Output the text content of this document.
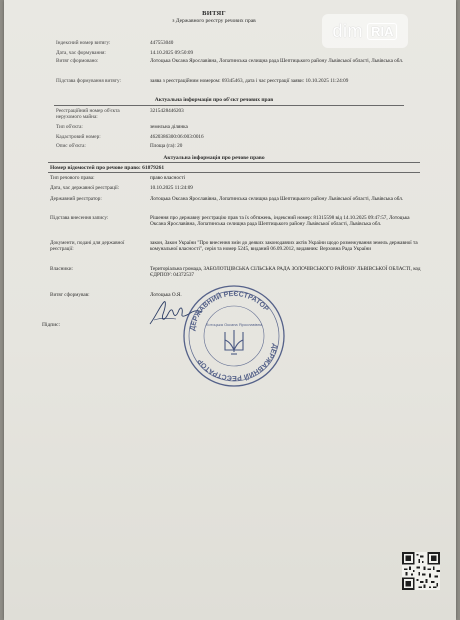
dim RIA
ВИТЯГ
з Державного реєстру речових прав
Індексний номер витягу:	447553040
Дата, час формування:	14.10.2025 09:50:09
Витяг сформовано:	Лотоцька Оксана Ярославівна, Лопатинська селищна рада Шептицького району Львівської області, Львівська обл.
Підстава формування витягу:	заява з реєстраційним номером: 69345463, дата і час реєстрації заяви: 10.10.2025 11:24:09
Актуальна інформація про об'єкт речових прав
Реєстраційний номер об'єкта нерухомого майна:
3215428446203
Тип об'єкта:	земельна ділянка
Кадастровий номер:	4620386300:06:003:0016
Опис об'єкта:	Площа (га): 20
Актуальна інформація про речове право
Номер відомостей про речове право: 61879261
Тип речового права:	право власності
Дата, час державної реєстрації:	10.10.2025 11:24:09
Державний реєстратор:	Лотоцька Оксана Ярославівна, Лопатинська селищна рада Шептицького району Львівської області, Львівська обл.
Підстава внесення запису:	Рішення про державну реєстрацію прав та їх обтяжень, індексний номер: 81315598 від 14.10.2025 09:47:57, Лотоцька Оксана Ярославівна, Лопатинська селищна рада Шептицького району Львівської області, Львівська обл.
Документи, подані для державної реєстрації:
закон, Закон України "Про внесення змін до деяких законодавчих актів України щодо розмежування земель державної та комунальної власності", серія та номер 5245, виданий 06.09.2012, видавник: Верховна Рада України
Власники:	Територіальна громада, ЗАБОЛОТЦІВСЬКА СІЛЬСЬКА РАДА ЗОЛОЧІВСЬКОГО РАЙОНУ ЛЬВІВСЬКОЇ ОБЛАСТІ, код ЄДРПОУ: 04372537
Витяг сформував:	Лотоцька О.Я.
Підпис:
ДЕРЖАВНИЙ РЕЄСТРАТОР
ДЕРЖАВНИЙ РЕЄСТРАТОР
Лотоцька Оксана Ярославівна
